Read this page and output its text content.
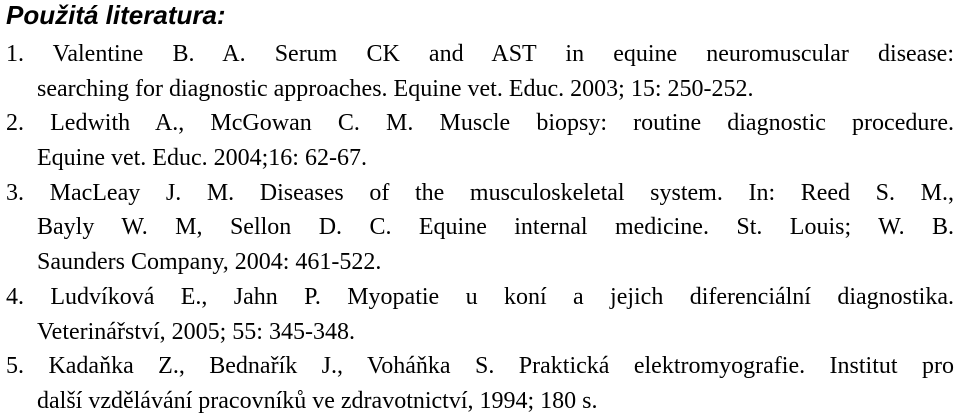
Použitá literatura:
1. Valentine B. A. Serum CK and AST in equine neuromuscular disease:
searching for diagnostic approaches. Equine vet. Educ. 2003; 15: 250-252.
2. Ledwith A., McGowan C. M. Muscle biopsy: routine diagnostic procedure.
Equine vet. Educ. 2004;16: 62-67.
3. MacLeay J. M. Diseases of the musculoskeletal system. In: Reed S. M.,
Bayly W. M, Sellon D. C. Equine internal medicine. St. Louis; W. B.
Saunders Company, 2004: 461-522.
4. Ludvíková E., Jahn P. Myopatie u koní a jejich diferenciální diagnostika.
Veterinářství, 2005; 55: 345-348.
5. Kadaňka Z., Bednařík J., Voháňka S. Praktická elektromyografie. Institut pro
další vzdělávání pracovníků ve zdravotnictví, 1994; 180 s.
